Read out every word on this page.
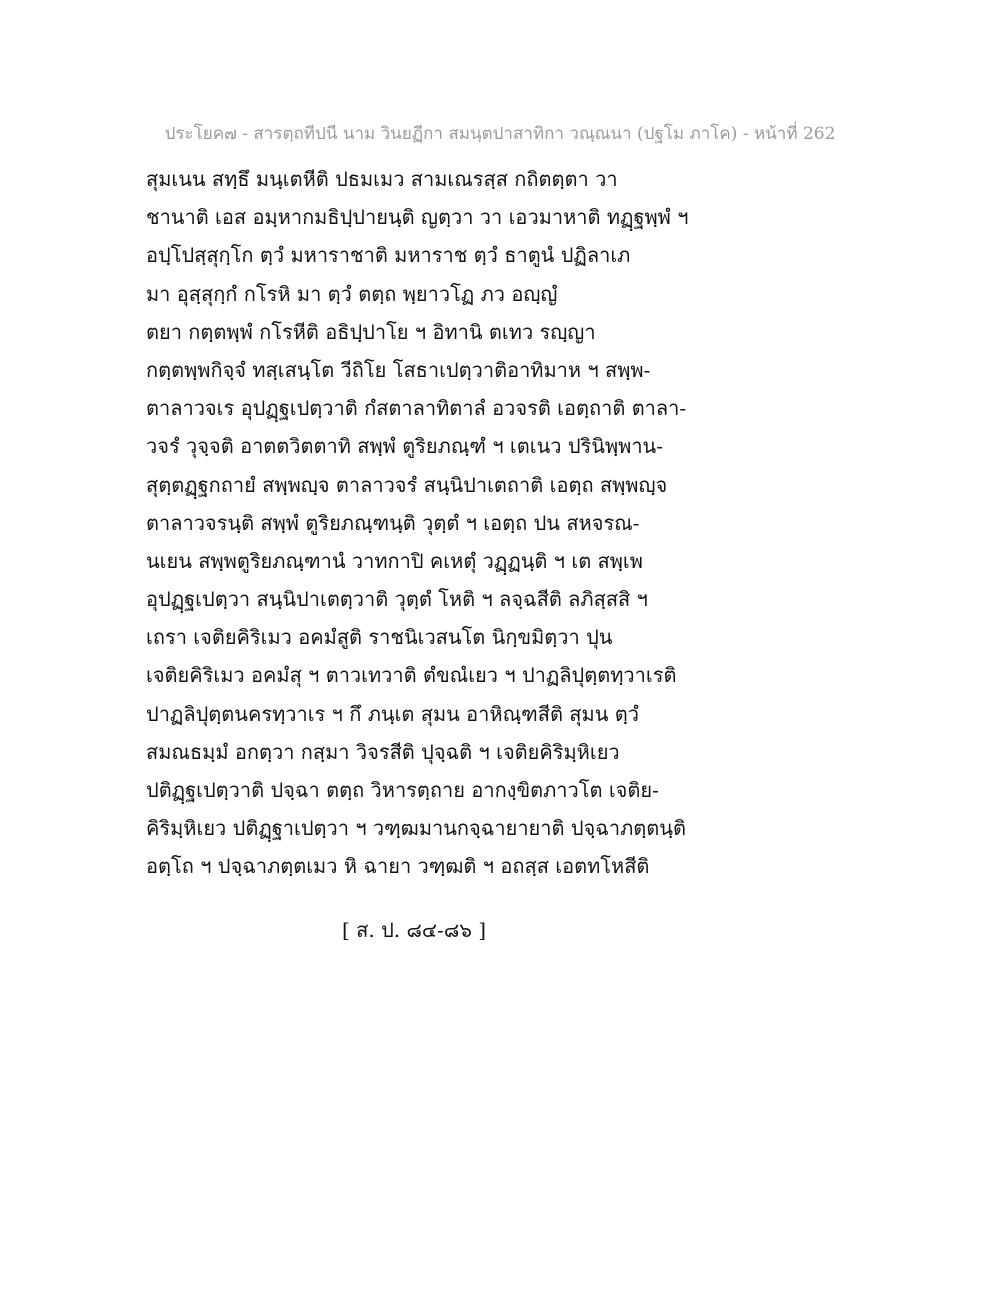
ประโยค๗ - สารตฺถทีปนี นาม วินยฏีกา สมนฺตปาสาทิกา วณฺณนา (ปฐโม ภาโค) - หน้าที่ 262
สุมเนน สทฺธึ มนฺเตหีติ ปธมเมว สามเณรสฺส กถิตตฺตา วา
ชานาติ เอส อมฺหากมธิปฺปายนฺติ ญตฺวา วา เอวมาหาติ ทฏฺฐพฺพํ ฯ
อปฺโปสฺสุกฺโก ตฺวํ มหาราชาติ มหาราช ตฺวํ ธาตูนํ ปฏิลาเภ
มา อุสฺสุกฺกํ กโรหิ มา ตฺวํ ตตฺถ พฺยาวโฏ ภว อญฺญํ
ตยา กตฺตพฺพํ กโรหีติ อธิปฺปาโย ฯ อิทานิ ตเทว รญฺญา
กตฺตพฺพกิจฺจํ ทสฺเสนฺโต วีถิโย โสธาเปตฺวาติอาทิมาห ฯ สพฺพ-
ตาลาวจเร อุปฏฺฐเปตฺวาติ กํสตาลาทิตาลํ อวจรติ เอตฺถาติ ตาลา-
วจรํ วุจฺจติ อาตตวิตตาทิ สพฺพํ ตูริยภณฺฑํ ฯ เตเนว ปรินิพฺพาน-
สุตฺตฏฺฐกถายํ สพฺพญฺจ ตาลาวจรํ สนฺนิปาเตถาติ เอตฺถ สพฺพญฺจ
ตาลาวจรนฺติ สพฺพํ ตูริยภณฺฑนฺติ วุตฺตํ ฯ เอตฺถ ปน สหจรณ-
นเยน สพฺพตูริยภณฺฑานํ วาทกาปิ คเหตุํ วฏฺฏนฺติ ฯ เต สพฺเพ
อุปฏฺฐเปตฺวา สนฺนิปาเตตฺวาติ วุตฺตํ โหติ ฯ ลจฺฉสีติ ลภิสฺสสิ ฯ
เถรา เจติยคิริเมว อคมํสูติ ราชนิเวสนโต นิกฺขมิตฺวา ปุน
เจติยคิริเมว อคมํสุ ฯ ตาวเทวาติ ตํขณํเยว ฯ ปาฏลิปุตฺตทฺวาเรติ
ปาฏลิปุตฺตนครทฺวาเร ฯ กึ ภนฺเต สุมน อาหิณฺฑสีติ สุมน ตฺวํ
สมณธมฺมํ อกตฺวา กสฺมา วิจรสีติ ปุจฺฉติ ฯ เจติยคิริมฺหิเยว
ปติฏฺฐเปตฺวาติ ปจฺฉา ตตฺถ วิหารตฺถาย อากงฺขิตภาวโต เจติย-
คิริมฺหิเยว ปติฏฺฐาเปตฺวา ฯ วฑฺฒมานกจฺฉายายาติ ปจฺฉาภตฺตนฺติ
อตฺโถ ฯ ปจฺฉาภตฺตเมว หิ ฉายา วฑฺฒติ ฯ อถสฺส เอตทโหสีติ
[ ส. ป. ๘๔-๘๖ ]
